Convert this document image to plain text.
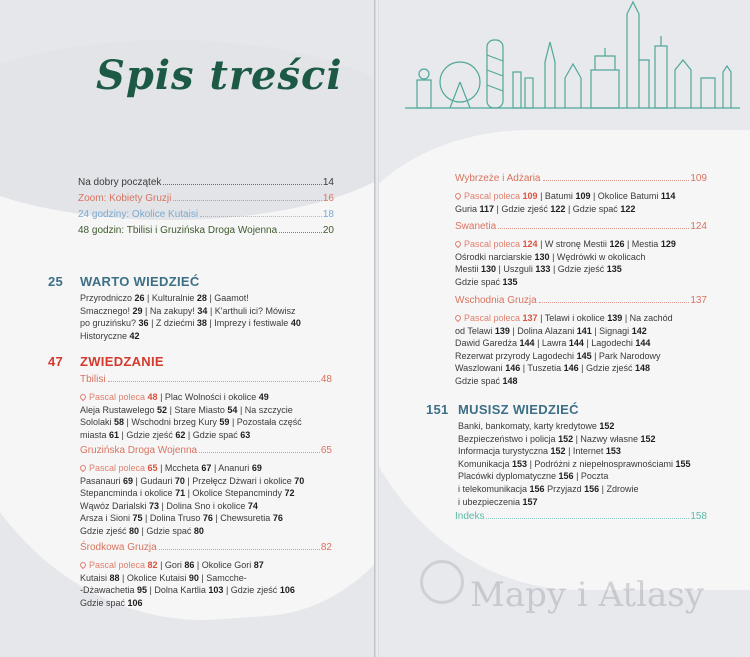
Spis treści
Na dobry początek	14
Zoom: Kobiety Gruzji	16
24 godziny: Okolice Kutaisi	18
48 godzin: Tbilisi i Gruzińska Droga Wojenna	20
25 WARTO WIEDZIEĆ
Przyrodniczo 26 | Kulturalnie 28 | Gaamot!
Smacznego! 29 | Na zakupy! 34 | K'arthuli ici? Mówisz
po gruzińsku? 36 | Z dziećmi 38 | Imprezy i festiwale 40
Historyczne 42
47 ZWIEDZANIE
Tbilisi	48
Pascal poleca 48 | Plac Wolności i okolice 49
Aleja Rustawelego 52 | Stare Miasto 54 | Na szczycie
Sololaki 58 | Wschodni brzeg Kury 59 | Pozostała część
miasta 61 | Gdzie zjeść 62 | Gdzie spać 63
Gruzińska Droga Wojenna	65
Pascal poleca 65 | Mccheta 67 | Ananuri 69
Pasanauri 69 | Gudauri 70 | Przełęcz Dżwari i okolice 70
Stepancminda i okolice 71 | Okolice Stepancmindy 72
Wąwóz Darialski 73 | Dolina Sno i okolice 74
Arsza i Sioni 75 | Dolina Truso 76 | Chewsuretia 76
Gdzie zjeść 80 | Gdzie spać 80
Środkowa Gruzja	82
Pascal poleca 82 | Gori 86 | Okolice Gori 87
Kutaisi 88 | Okolice Kutaisi 90 | Samcche-
-Dżawachetia 95 | Dolna Kartlia 103 | Gdzie zjeść 106
Gdzie spać 106
Wybrzeże i Adżaria	109
Pascal poleca 109 | Batumi 109 | Okolice Batumi 114
Guria 117 | Gdzie zjeść 122 | Gdzie spać 122
Swanetia	124
Pascal poleca 124 | W stronę Mestii 126 | Mestia 129
Ośrodki narciarskie 130 | Wędrówki w okolicach
Mestii 130 | Uszguli 133 | Gdzie zjeść 135
Gdzie spać 135
Wschodnia Gruzja	137
Pascal poleca 137 | Telawi i okolice 139 | Na zachód
od Telawi 139 | Dolina Alazani 141 | Signagi 142
Dawid Garedża 144 | Lawra 144 | Lagodechi 144
Rezerwat przyrody Lagodechi 145 | Park Narodowy
Waszlowani 146 | Tuszetia 146 | Gdzie zjeść 148
Gdzie spać 148
151 MUSISZ WIEDZIEĆ
Banki, bankomaty, karty kredytowe 152
Bezpieczeństwo i policja 152 | Nazwy własne 152
Informacja turystyczna 152 | Internet 153
Komunikacja 153 | Podróżni z niepełnosprawnościami 155
Placówki dyplomatyczne 156 | Poczta
i telekomunikacja 156 Przyjazd 156 | Zdrowie
i ubezpieczenia 157
Indeks	158
Mapy i Atlasy
